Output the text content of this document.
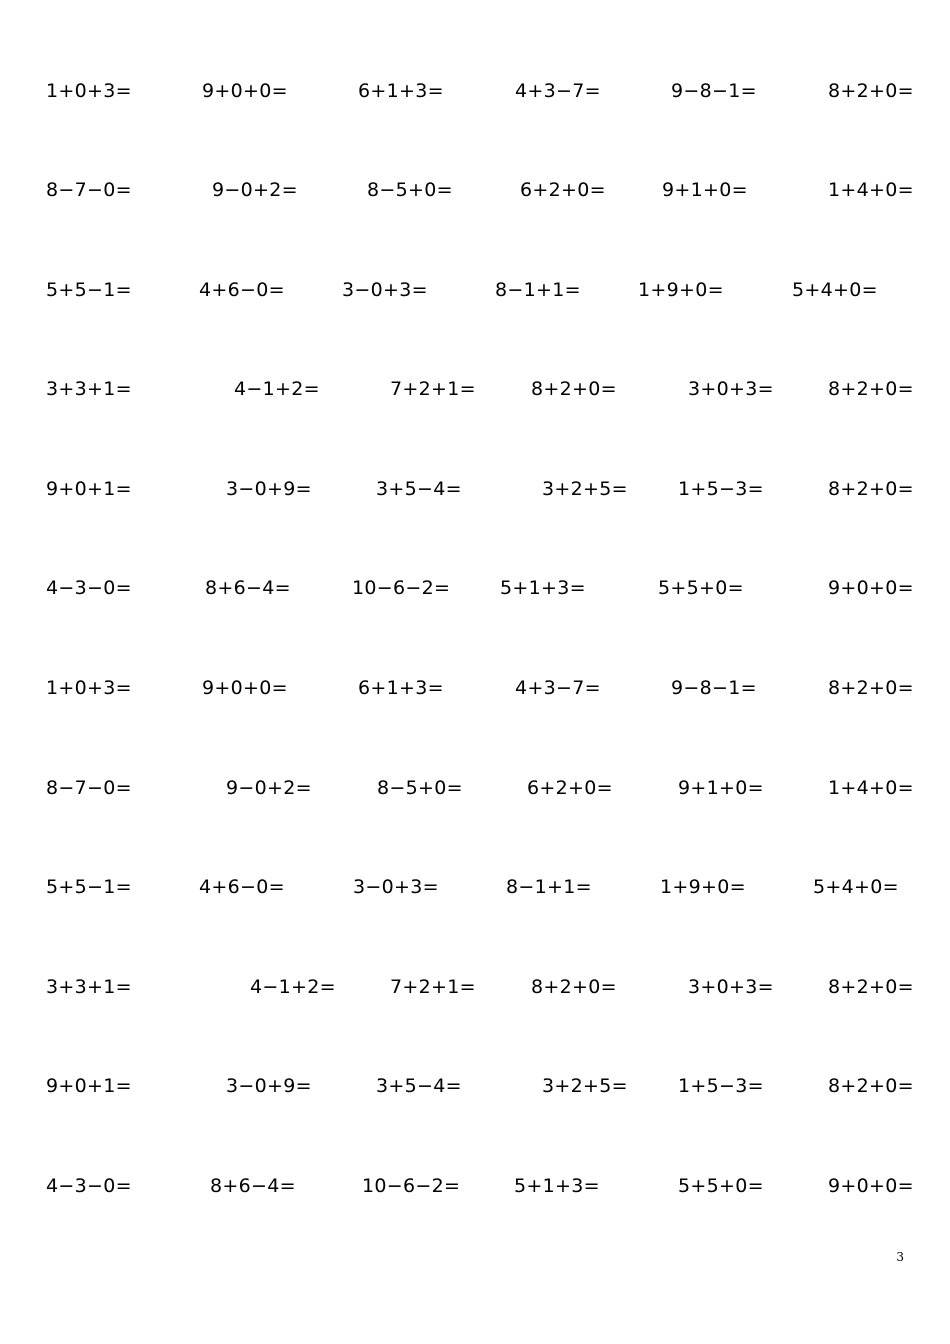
1+0+3=	9+0+0=	6+1+3=	4+3−7=	9−8−1=	8+2+0=
8−7−0=	9−0+2=	8−5+0=	6+2+0=	9+1+0=	1+4+0=
5+5−1=	4+6−0=	3−0+3=	8−1+1=	1+9+0=	5+4+0=
3+3+1=	4−1+2=	7+2+1=	8+2+0=	3+0+3=	8+2+0=
9+0+1=	3−0+9=	3+5−4=	3+2+5=	1+5−3=	8+2+0=
4−3−0=	8+6−4=	10−6−2=	5+1+3=	5+5+0=	9+0+0=
1+0+3=	9+0+0=	6+1+3=	4+3−7=	9−8−1=	8+2+0=
8−7−0=	9−0+2=	8−5+0=	6+2+0=	9+1+0=	1+4+0=
5+5−1=	4+6−0=	3−0+3=	8−1+1=	1+9+0=	5+4+0=
3+3+1=	4−1+2=	7+2+1=	8+2+0=	3+0+3=	8+2+0=
9+0+1=	3−0+9=	3+5−4=	3+2+5=	1+5−3=	8+2+0=
4−3−0=	8+6−4=	10−6−2=	5+1+3=	5+5+0=	9+0+0=
3
